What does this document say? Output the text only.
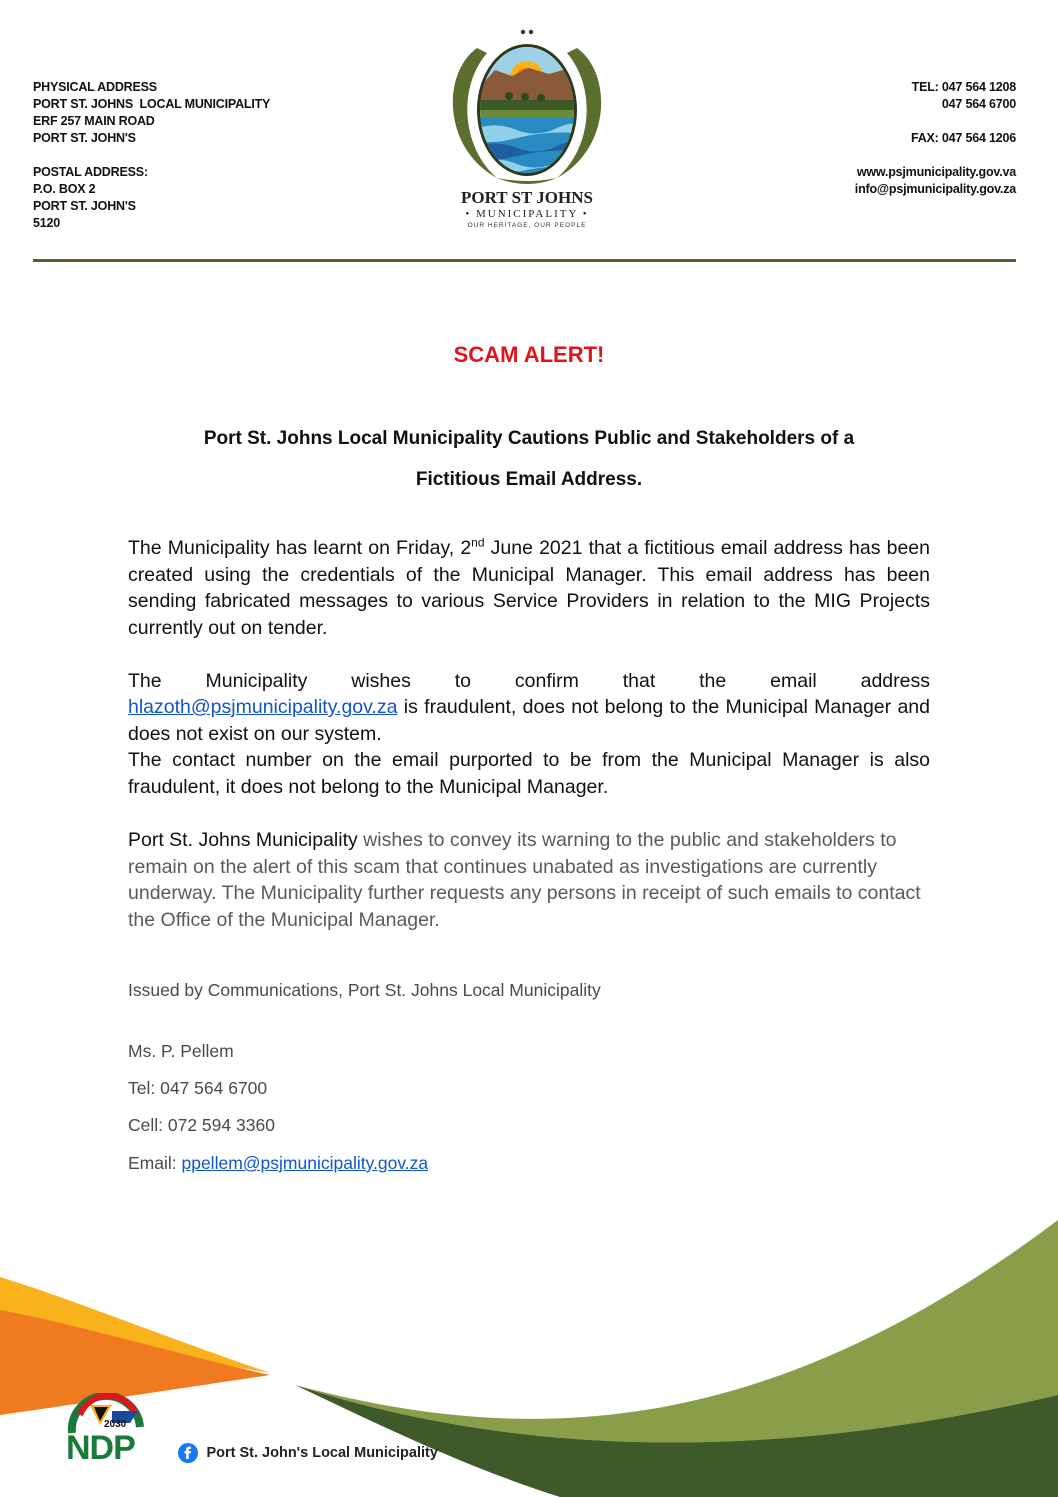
PHYSICAL ADDRESS
PORT ST. JOHNS  LOCAL MUNICIPALITY
ERF 257 MAIN ROAD
PORT ST. JOHN'S
POSTAL ADDRESS:
P.O. BOX 2
PORT ST. JOHN'S
5120
TEL: 047 564 1208
047 564 6700
FAX: 047 564 1206
www.psjmunicipality.gov.va
info@psjmunicipality.gov.za
PORT ST JOHNS
• MUNICIPALITY •
OUR HERITAGE, OUR PEOPLE
SCAM ALERT!
Port St. Johns Local Municipality Cautions Public and Stakeholders of a
Fictitious Email Address.
The Municipality has learnt on Friday, 2nd June 2021 that a fictitious email address has been created using the credentials of the Municipal Manager. This email address has been sending fabricated messages to various Service Providers in relation to the MIG Projects currently out on tender.
The Municipality wishes to confirm that the email address
hlazoth@psjmunicipality.gov.za is fraudulent, does not belong to the Municipal Manager and does not exist on our system.
The contact number on the email purported to be from the Municipal Manager is also fraudulent, it does not belong to the Municipal Manager.
Port St. Johns Municipality wishes to convey its warning to the public and stakeholders to remain on the alert of this scam that continues unabated as investigations are currently underway. The Municipality further requests any persons in receipt of such emails to contact the Office of the Municipal Manager.
Issued by Communications, Port St. Johns Local Municipality
Ms. P. Pellem
Tel: 047 564 6700
Cell: 072 594 3360
Email: ppellem@psjmunicipality.gov.za
2030
NDP	Port St. John's Local Municipality
